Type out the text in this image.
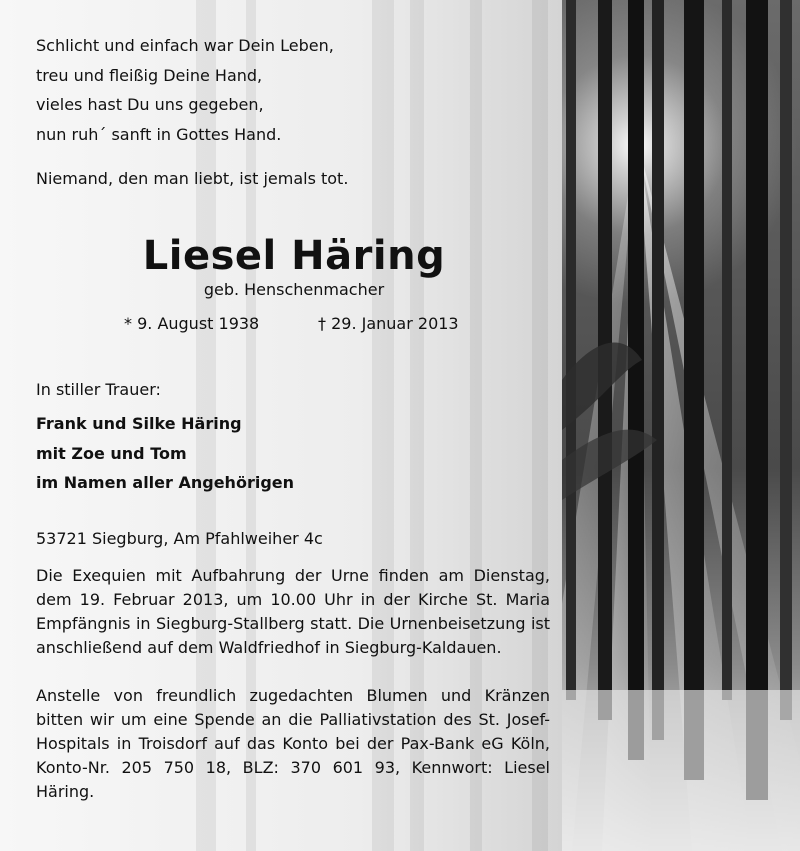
Schlicht und einfach war Dein Leben,
treu und fleißig Deine Hand,
vieles hast Du uns gegeben,
nun ruh´ sanft in Gottes Hand.
Niemand, den man liebt, ist jemals tot.
Liesel Häring
geb. Henschenmacher
* 9. August 1938	† 29. Januar 2013
In stiller Trauer:
Frank und Silke Häring
mit Zoe und Tom
im Namen aller Angehörigen
53721 Siegburg, Am Pfahlweiher 4c
Die Exequien mit Aufbahrung der Urne finden am Dienstag, dem 19. Februar 2013, um 10.00 Uhr in der Kirche St. Maria Empfängnis in Siegburg-Stallberg statt. Die Urnenbeisetzung ist anschließend auf dem Waldfriedhof in Siegburg-Kaldauen.
Anstelle von freundlich zugedachten Blumen und Kränzen bitten wir um eine Spende an die Palliativstation des St. Josef-Hospitals in Troisdorf auf das Konto bei der Pax-Bank eG Köln, Konto-Nr. 205 750 18, BLZ: 370 601 93, Kennwort: Liesel Häring.
